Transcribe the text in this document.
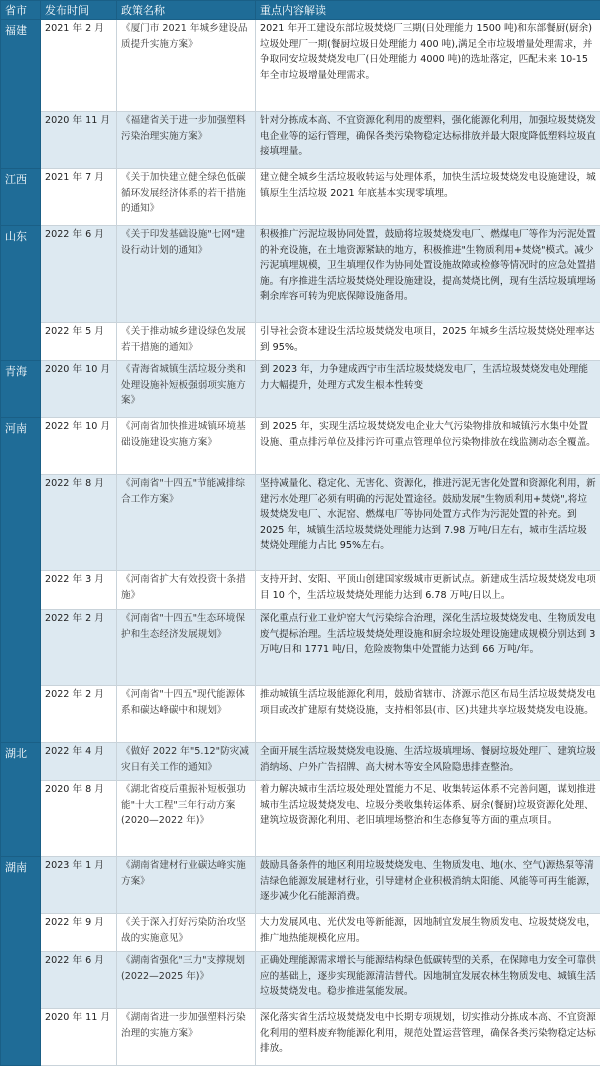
省市	发布时间	政策名称	重点内容解读
福建	2021 年 2 月	《厦门市 2021 年城乡建设品质提升实施方案》	2021 年开工建设东部垃圾焚烧厂三期(日处理能力 1500 吨)和东部餐厨(厨余)垃圾处理厂一期(餐厨垃圾日处理能力 400 吨),满足全市垃圾增量处理需求，并争取同安垃圾焚烧发电厂(日处理能力 4000 吨)的选址落定，匹配未来 10-15 年全市垃圾增量处理需求。
	2020 年 11 月	《福建省关于进一步加强塑料污染治理实施方案》	针对分拣成本高、不宜资源化利用的废塑料，强化能源化利用，加强垃圾焚烧发电企业等的运行管理，确保各类污染物稳定达标排放并最大限度降低塑料垃圾直接填埋量。
江西	2021 年 7 月	《关于加快建立健全绿色低碳循环发展经济体系的若干措施的通知》	建立健全城乡生活垃圾收转运与处理体系，加快生活垃圾焚烧发电设施建设，城镇原生生活垃圾 2021 年底基本实现零填埋。
山东	2022 年 6 月	《关于印发基础设施"七网"建设行动计划的通知》	积极推广污泥垃圾协同处置，鼓励将垃圾焚烧发电厂、燃煤电厂等作为污泥处置的补充设施，在土地资源紧缺的地方，积极推进"生物质利用+焚烧"模式。减少污泥填埋规模，卫生填埋仅作为协同处置设施故障或检修等情况时的应急处置措施。有序推进生活垃圾焚烧处理设施建设，提高焚烧比例，现有生活垃圾填埋场剩余库容可转为兜底保障设施备用。
	2022 年 5 月	《关于推动城乡建设绿色发展若干措施的通知》	引导社会资本建设生活垃圾焚烧发电项目，2025 年城乡生活垃圾焚烧处理率达到 95%。
青海	2020 年 10 月	《青海省城镇生活垃圾分类和处理设施补短板强弱项实施方案》	到 2023 年，力争建成西宁市生活垃圾焚烧发电厂，生活垃圾焚烧发电处理能力大幅提升，处理方式发生根本性转变
河南	2022 年 10 月	《河南省加快推进城镇环境基础设施建设实施方案》	到 2025 年，实现生活垃圾焚烧发电企业大气污染物排放和城镇污水集中处置设施、重点排污单位及排污许可重点管理单位污染物排放在线监测动态全覆盖。
	2022 年 8 月	《河南省"十四五"节能减排综合工作方案》	坚持减量化、稳定化、无害化、资源化，推进污泥无害化处置和资源化利用，新建污水处理厂必须有明确的污泥处置途径。鼓励发展"生物质利用+焚烧",将垃圾焚烧发电厂、水泥窑、燃煤电厂等协同处置方式作为污泥处置的补充。到 2025 年，城镇生活垃圾焚烧处理能力达到 7.98 万吨/日左右，城市生活垃圾焚烧处理能力占比 95%左右。
	2022 年 3 月	《河南省扩大有效投资十条措施》	支持开封、安阳、平顶山创建国家级城市更新试点。新建成生活垃圾焚烧发电项目 10 个，生活垃圾焚烧处理能力达到 6.78 万吨/日以上。
	2022 年 2 月	《河南省"十四五"生态环境保护和生态经济发展规划》	深化重点行业工业炉窑大气污染综合治理，深化生活垃圾焚烧发电、生物质发电废气提标治理。生活垃圾焚烧处理设施和厨余垃圾处理设施建成规模分别达到 3 万吨/日和 1771 吨/日，危险废物集中处置能力达到 66 万吨/年。
	2022 年 2 月	《河南省"十四五"现代能源体系和碳达峰碳中和规划》	推动城镇生活垃圾能源化利用，鼓励省辖市、济源示范区布局生活垃圾焚烧发电项目或改扩建原有焚烧设施，支持相邻县(市、区)共建共享垃圾焚烧发电设施。
湖北	2022 年 4 月	《做好 2022 年"5.12"防灾减灾日有关工作的通知》	全面开展生活垃圾焚烧发电设施、生活垃圾填埋场、餐厨垃圾处理厂、建筑垃圾消纳场、户外广告招牌、高大树木等安全风险隐患排查整治。
	2020 年 8 月	《湖北省疫后重振补短板强功能"十大工程"三年行动方案(2020—2022 年)》	着力解决城市生活垃圾处理处置能力不足、收集转运体系不完善问题，谋划推进城市生活垃圾焚烧发电、垃圾分类收集转运体系、厨余(餐厨)垃圾资源化处理、建筑垃圾资源化利用、老旧填埋场整治和生态修复等方面的重点项目。
湖南	2023 年 1 月	《湖南省建材行业碳达峰实施方案》	鼓励具备条件的地区利用垃圾焚烧发电、生物质发电、地(水、空气)源热泵等清洁绿色能源发展建材行业，引导建材企业积极消纳太阳能、风能等可再生能源，逐步减少化石能源消费。
	2022 年 9 月	《关于深入打好污染防治攻坚战的实施意见》	大力发展风电、光伏发电等新能源，因地制宜发展生物质发电、垃圾焚烧发电，推广地热能规模化应用。
	2022 年 6 月	《湖南省强化"三力"支撑规划(2022—2025 年)》	正确处理能源需求增长与能源结构绿色低碳转型的关系，在保障电力安全可靠供应的基础上，逐步实现能源清洁替代。因地制宜发展农林生物质发电、城镇生活垃圾焚烧发电。稳步推进氢能发展。
	2020 年 11 月	《湖南省进一步加强塑料污染治理的实施方案》	深化落实省生活垃圾焚烧发电中长期专项规划，切实推动分拣成本高、不宜资源化利用的塑料废弃物能源化利用，规范处置运营管理，确保各类污染物稳定达标排放。
